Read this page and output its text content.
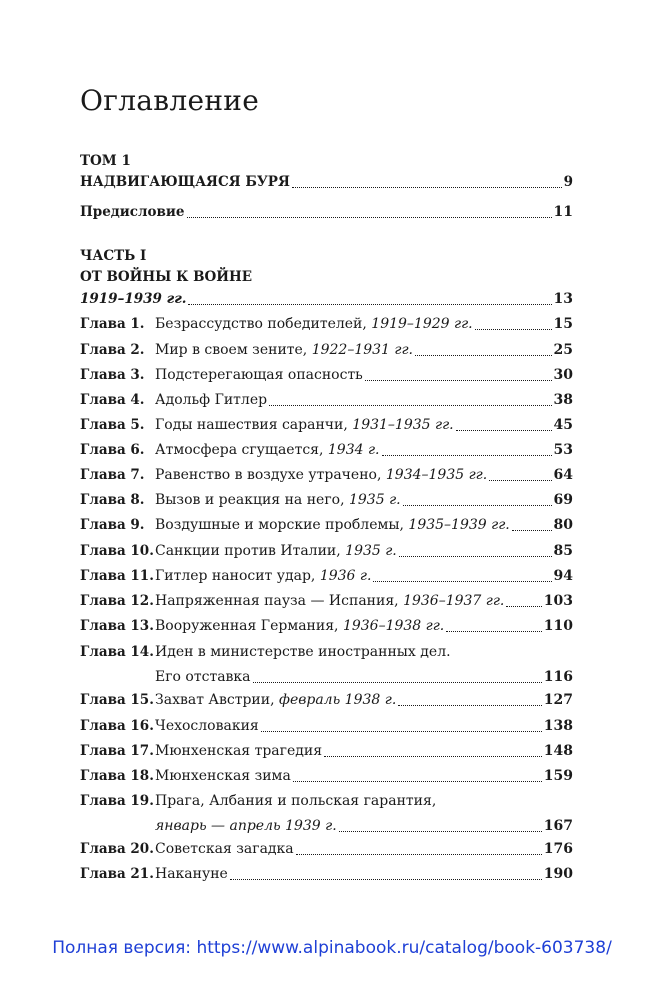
Оглавление
ТОМ 1
НАДВИГАЮЩАЯСЯ БУРЯ	9
Предисловие	11
ЧАСТЬ I
ОТ ВОЙНЫ К ВОЙНЕ
1919–1939 гг.	13
Глава 1. Безрассудство победителей, 1919–1929 гг.	15
Глава 2. Мир в своем зените, 1922–1931 гг.	25
Глава 3. Подстерегающая опасность	30
Глава 4. Адольф Гитлер	38
Глава 5. Годы нашествия саранчи, 1931–1935 гг.	45
Глава 6. Атмосфера сгущается, 1934 г.	53
Глава 7. Равенство в воздухе утрачено, 1934–1935 гг.	64
Глава 8. Вызов и реакция на него, 1935 г.	69
Глава 9. Воздушные и морские проблемы, 1935–1939 гг.	80
Глава 10. Санкции против Италии, 1935 г.	85
Глава 11. Гитлер наносит удар, 1936 г.	94
Глава 12. Напряженная пауза — Испания, 1936–1937 гг.	103
Глава 13. Вооруженная Германия, 1936–1938 гг.	110
Глава 14. Иден в министерстве иностранных дел.
Его отставка	116
Глава 15. Захват Австрии, февраль 1938 г.	127
Глава 16. Чехословакия	138
Глава 17. Мюнхенская трагедия	148
Глава 18. Мюнхенская зима	159
Глава 19. Прага, Албания и польская гарантия,
январь — апрель 1939 г.	167
Глава 20. Советская загадка	176
Глава 21. Накануне	190
Полная версия: https://www.alpinabook.ru/catalog/book-603738/
